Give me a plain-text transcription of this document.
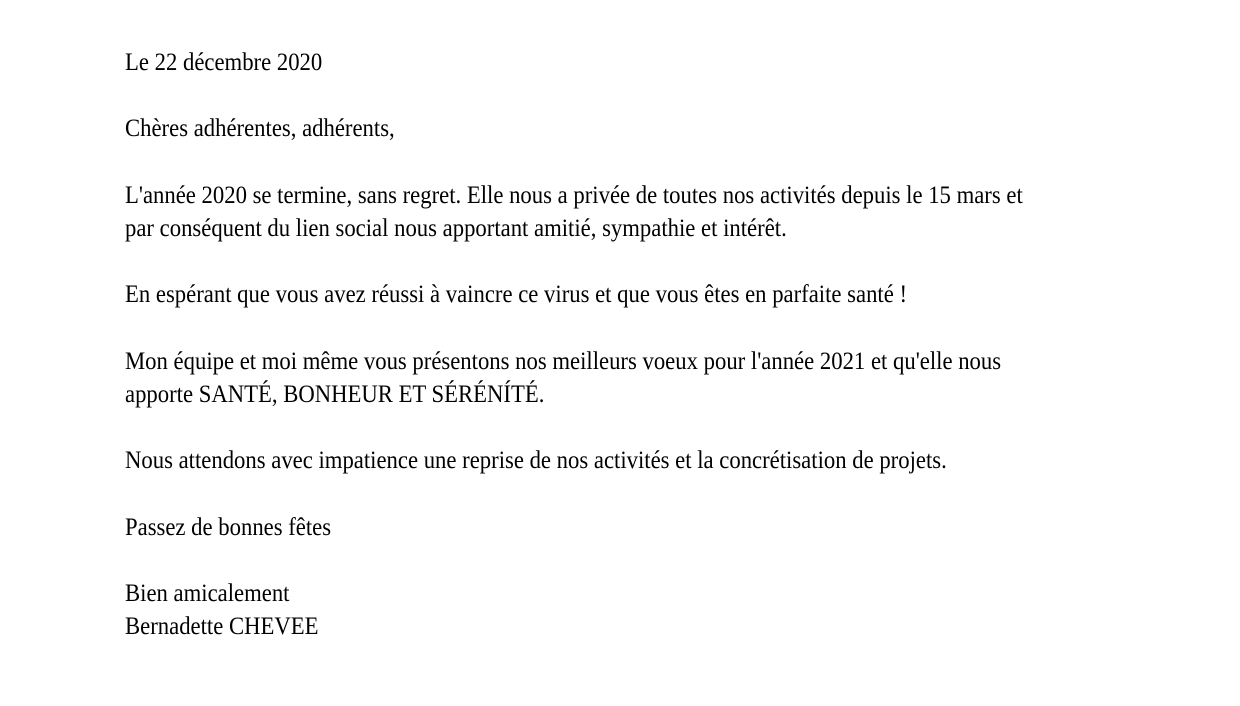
Le 22 décembre 2020
Chères adhérentes, adhérents,
L'année 2020 se termine, sans regret. Elle nous a privée de toutes nos activités depuis le 15 mars et
par conséquent du lien social nous apportant amitié, sympathie et intérêt.
En espérant que vous avez réussi à vaincre ce virus et que vous êtes en parfaite santé !
Mon équipe et moi même vous présentons nos meilleurs voeux pour l'année 2021 et qu'elle nous
apporte SANTÉ, BONHEUR ET SÉRÉNÍTÉ.
Nous attendons avec impatience une reprise de nos activités et la concrétisation de projets.
Passez de bonnes fêtes
Bien amicalement
Bernadette CHEVEE
